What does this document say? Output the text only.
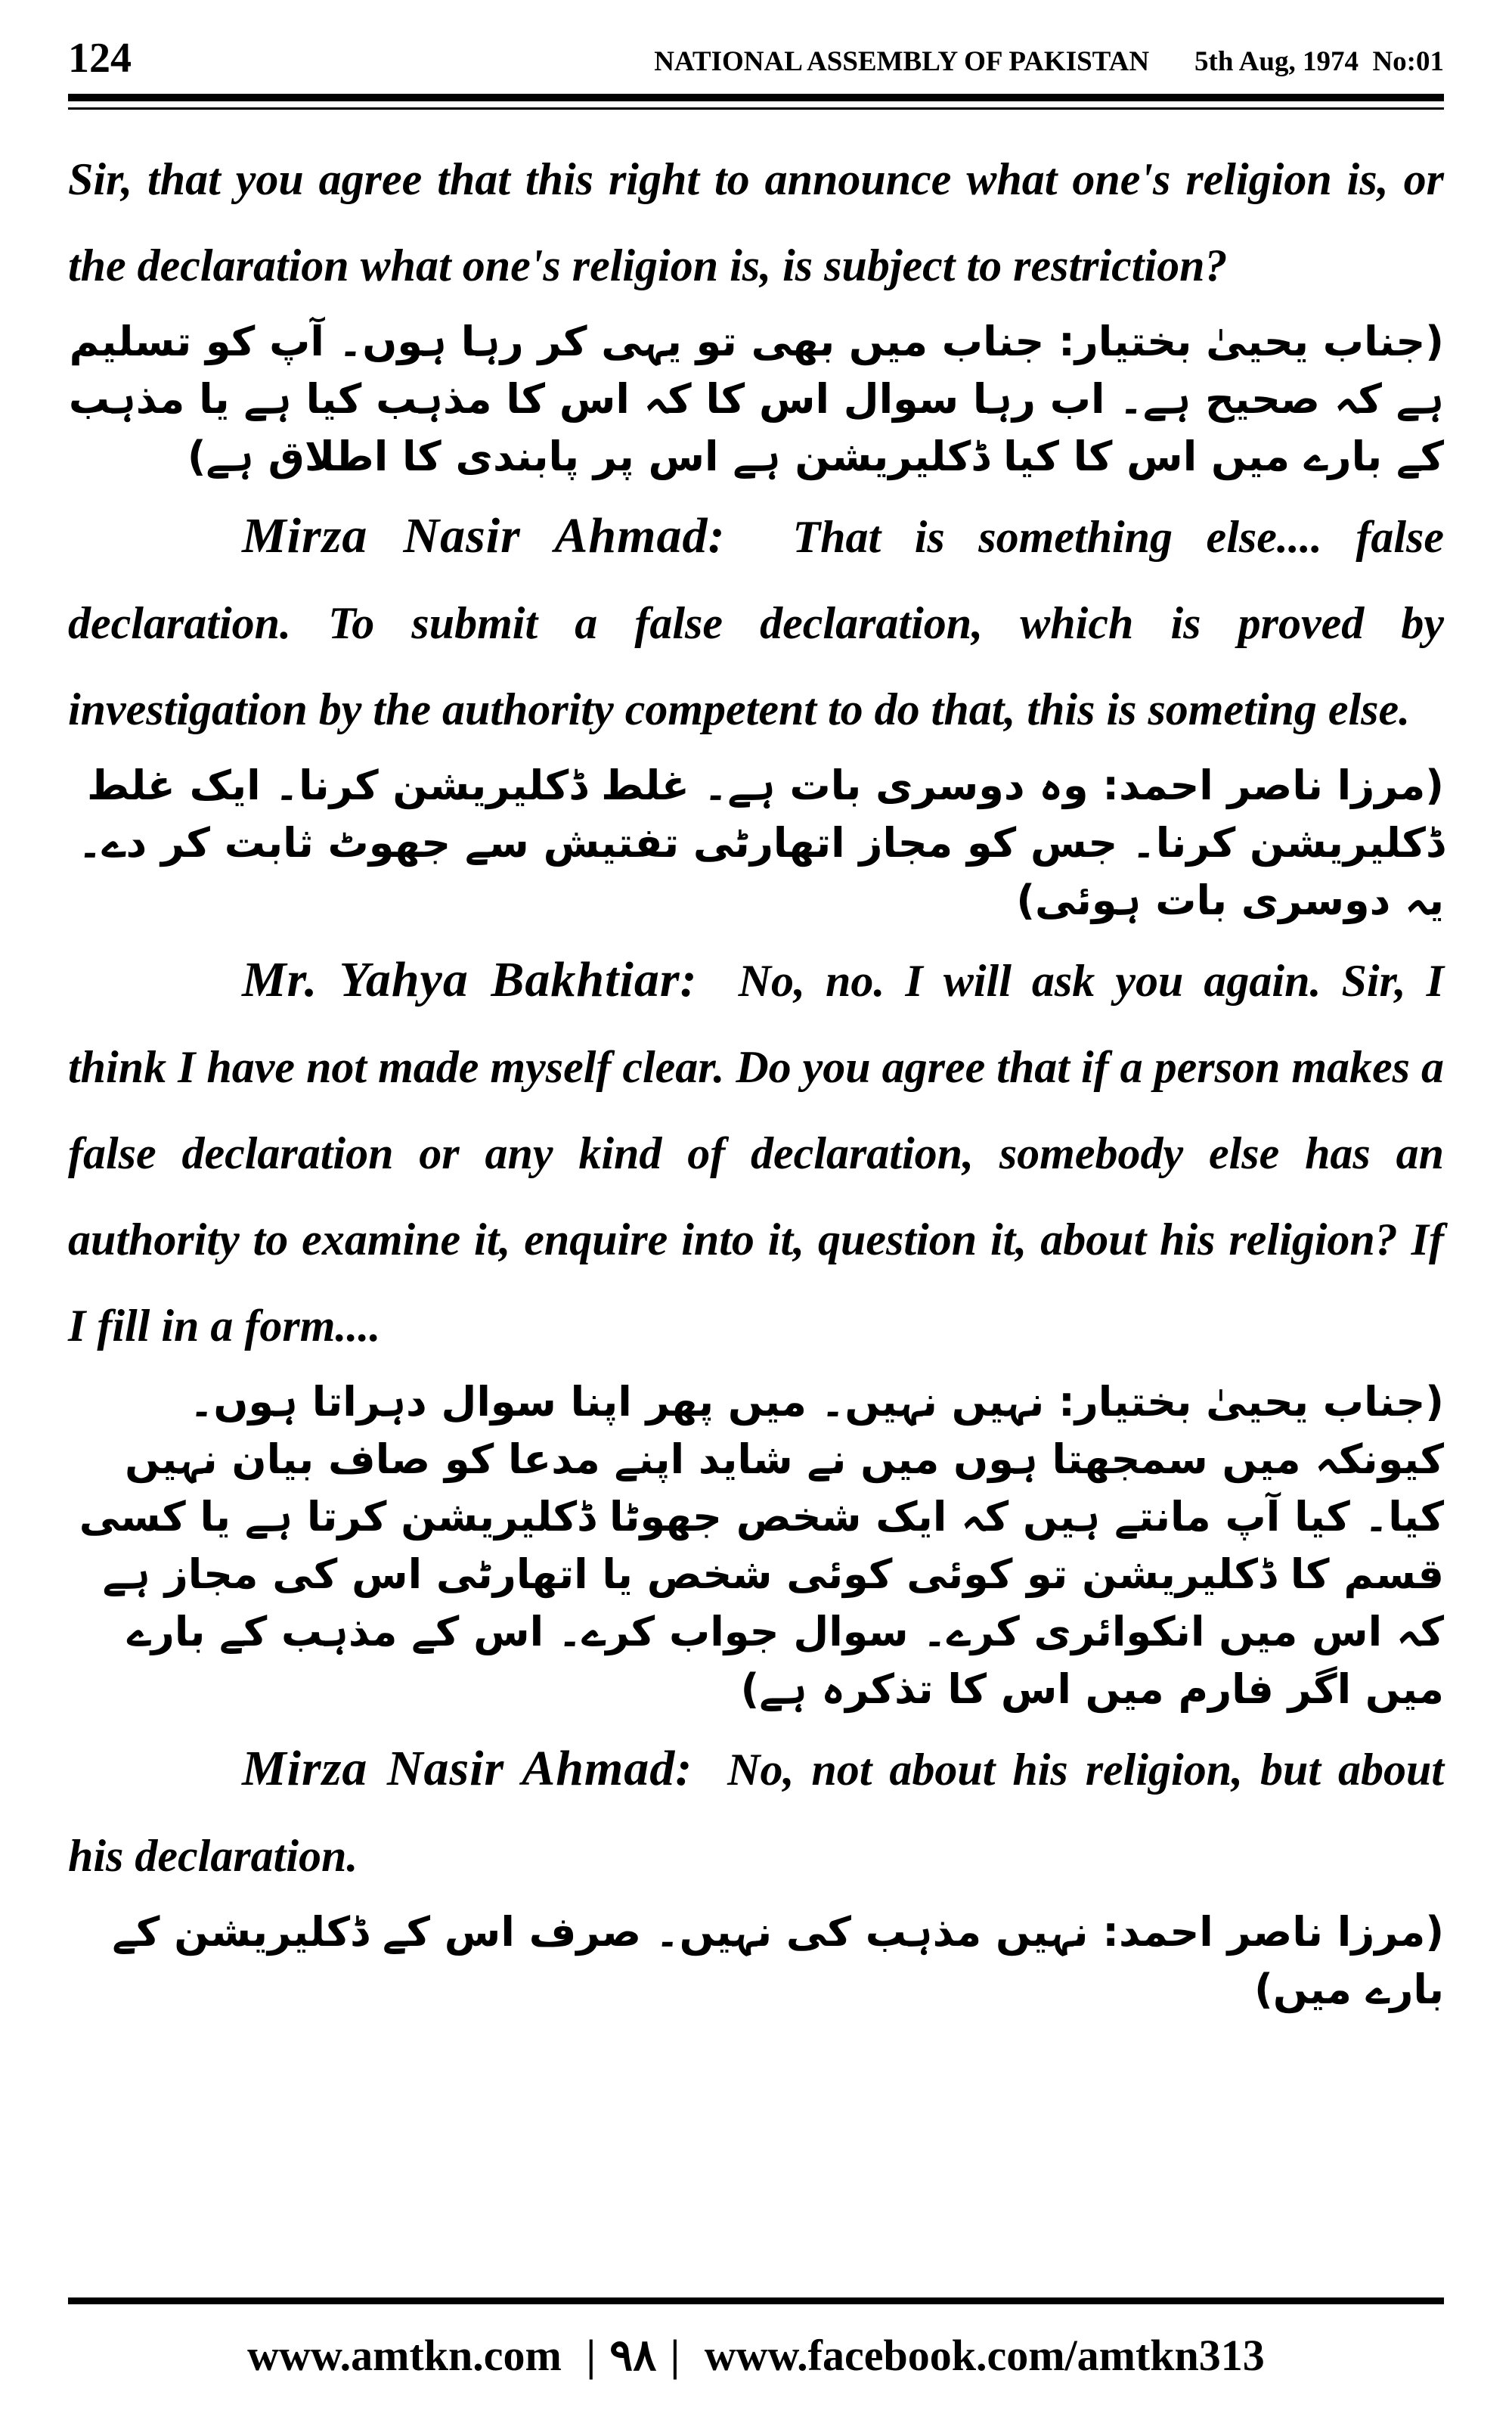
124	NATIONAL ASSEMBLY OF PAKISTAN 5th Aug, 1974 No:01

Sir, that you agree that this right to announce what one's religion is, or the declaration what one's religion is, is subject to restriction?

(جناب یحییٰ بختیار: جناب میں بھی تو یہی کر رہا ہوں۔ آپ کو تسلیم ہے کہ صحیح ہے۔ اب رہا سوال اس کا کہ اس کا مذہب کیا ہے یا مذہب کے بارے میں اس کا کیا ڈکلیریشن ہے اس پر پابندی کا اطلاق ہے)

Mirza Nasir Ahmad: That is something else.... false declaration. To submit a false declaration, which is proved by investigation by the authority competent to do that, this is someting else.

(مرزا ناصر احمد: وہ دوسری بات ہے۔ غلط ڈکلیریشن کرنا۔ ایک غلط ڈکلیریشن کرنا۔ جس کو مجاز اتھارٹی تفتیش سے جھوٹ ثابت کر دے۔ یہ دوسری بات ہوئی)

Mr. Yahya Bakhtiar: No, no. I will ask you again. Sir, I think I have not made myself clear. Do you agree that if a person makes a false declaration or any kind of declaration, somebody else has an authority to examine it, enquire into it, question it, about his religion? If I fill in a form....

(جناب یحییٰ بختیار: نہیں نہیں۔ میں پھر اپنا سوال دہراتا ہوں۔ کیونکہ میں سمجھتا ہوں میں نے شاید اپنے مدعا کو صاف بیان نہیں کیا۔ کیا آپ مانتے ہیں کہ ایک شخص جھوٹا ڈکلیریشن کرتا ہے یا کسی قسم کا ڈکلیریشن تو کوئی کوئی شخص یا اتھارٹی اس کی مجاز ہے کہ اس میں انکوائری کرے۔ سوال جواب کرے۔ اس کے مذہب کے بارے میں اگر فارم میں اس کا تذکرہ ہے)

Mirza Nasir Ahmad: No, not about his religion, but about his declaration.

(مرزا ناصر احمد: نہیں مذہب کی نہیں۔ صرف اس کے ڈکلیریشن کے بارے میں)

www.amtkn.com | ۹۸ | www.facebook.com/amtkn313
